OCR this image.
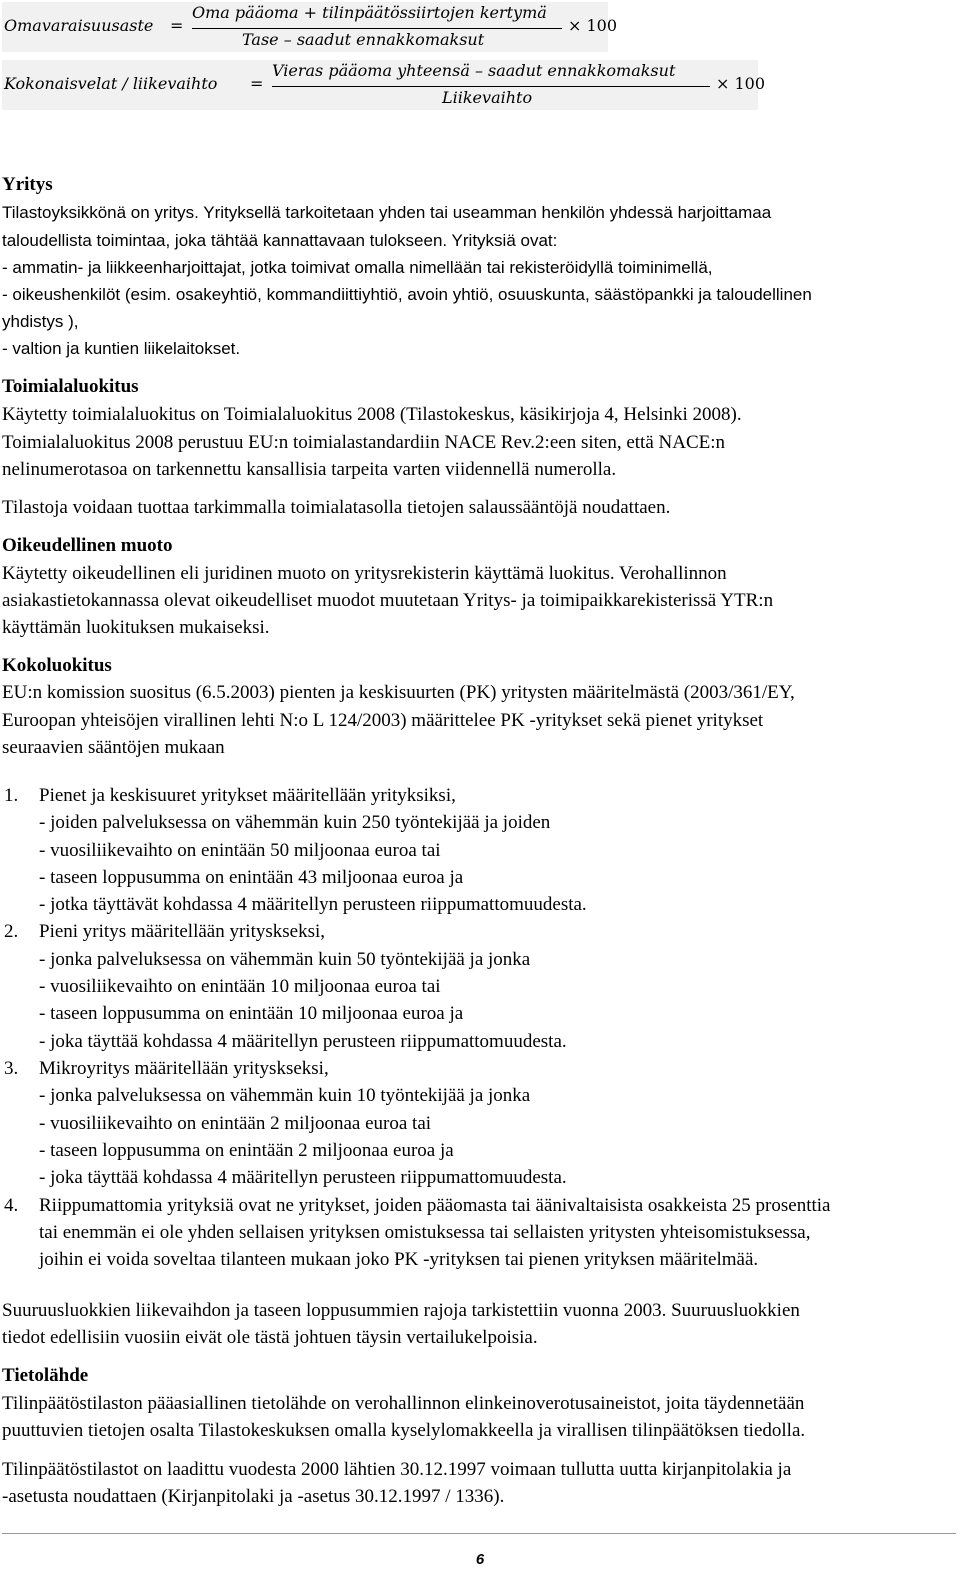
Omavaraisuusaste =
Oma pääoma + tilinpäätössiirtojen kertymä
Tase – saadut ennakkomaksut
× 100
Kokonaisvelat / liikevaihto =
Vieras pääoma yhteensä – saadut ennakkomaksut
Liikevaihto
× 100
Yritys
Tilastoyksikkönä on yritys. Yrityksellä tarkoitetaan yhden tai useamman henkilön yhdessä harjoittamaa
taloudellista toimintaa, joka tähtää kannattavaan tulokseen. Yrityksiä ovat:
- ammatin- ja liikkeenharjoittajat, jotka toimivat omalla nimellään tai rekisteröidyllä toiminimellä,
- oikeushenkilöt (esim. osakeyhtiö, kommandiittiyhtiö, avoin yhtiö, osuuskunta, säästöpankki ja taloudellinen
yhdistys ),
- valtion ja kuntien liikelaitokset.
Toimialaluokitus
Käytetty toimialaluokitus on Toimialaluokitus 2008 (Tilastokeskus, käsikirjoja 4, Helsinki 2008).
Toimialaluokitus 2008 perustuu EU:n toimialastandardiin NACE Rev.2:een siten, että NACE:n
nelinumerotasoa on tarkennettu kansallisia tarpeita varten viidennellä numerolla.
Tilastoja voidaan tuottaa tarkimmalla toimialatasolla tietojen salaussääntöjä noudattaen.
Oikeudellinen muoto
Käytetty oikeudellinen eli juridinen muoto on yritysrekisterin käyttämä luokitus. Verohallinnon
asiakastietokannassa olevat oikeudelliset muodot muutetaan Yritys- ja toimipaikkarekisterissä YTR:n
käyttämän luokituksen mukaiseksi.
Kokoluokitus
EU:n komission suositus (6.5.2003) pienten ja keskisuurten (PK) yritysten määritelmästä (2003/361/EY,
Euroopan yhteisöjen virallinen lehti N:o L 124/2003) määrittelee PK -yritykset sekä pienet yritykset
seuraavien sääntöjen mukaan
1. Pienet ja keskisuuret yritykset määritellään yrityksiksi,
- joiden palveluksessa on vähemmän kuin 250 työntekijää ja joiden
- vuosiliikevaihto on enintään 50 miljoonaa euroa tai
- taseen loppusumma on enintään 43 miljoonaa euroa ja
- jotka täyttävät kohdassa 4 määritellyn perusteen riippumattomuudesta.
2. Pieni yritys määritellään yrityskseksi,
- jonka palveluksessa on vähemmän kuin 50 työntekijää ja jonka
- vuosiliikevaihto on enintään 10 miljoonaa euroa tai
- taseen loppusumma on enintään 10 miljoonaa euroa ja
- joka täyttää kohdassa 4 määritellyn perusteen riippumattomuudesta.
3. Mikroyritys määritellään yrityskseksi,
- jonka palveluksessa on vähemmän kuin 10 työntekijää ja jonka
- vuosiliikevaihto on enintään 2 miljoonaa euroa tai
- taseen loppusumma on enintään 2 miljoonaa euroa ja
- joka täyttää kohdassa 4 määritellyn perusteen riippumattomuudesta.
4. Riippumattomia yrityksiä ovat ne yritykset, joiden pääomasta tai äänivaltaisista osakkeista 25 prosenttia
tai enemmän ei ole yhden sellaisen yrityksen omistuksessa tai sellaisten yritysten yhteisomistuksessa,
joihin ei voida soveltaa tilanteen mukaan joko PK -yrityksen tai pienen yrityksen määritelmää.
Suuruusluokkien liikevaihdon ja taseen loppusummien rajoja tarkistettiin vuonna 2003. Suuruusluokkien
tiedot edellisiin vuosiin eivät ole tästä johtuen täysin vertailukelpoisia.
Tietolähde
Tilinpäätöstilaston pääasiallinen tietolähde on verohallinnon elinkeinoverotusaineistot, joita täydennetään
puuttuvien tietojen osalta Tilastokeskuksen omalla kyselylomakkeella ja virallisen tilinpäätöksen tiedolla.
Tilinpäätöstilastot on laadittu vuodesta 2000 lähtien 30.12.1997 voimaan tullutta uutta kirjanpitolakia ja
-asetusta noudattaen (Kirjanpitolaki ja -asetus 30.12.1997 / 1336).
6
